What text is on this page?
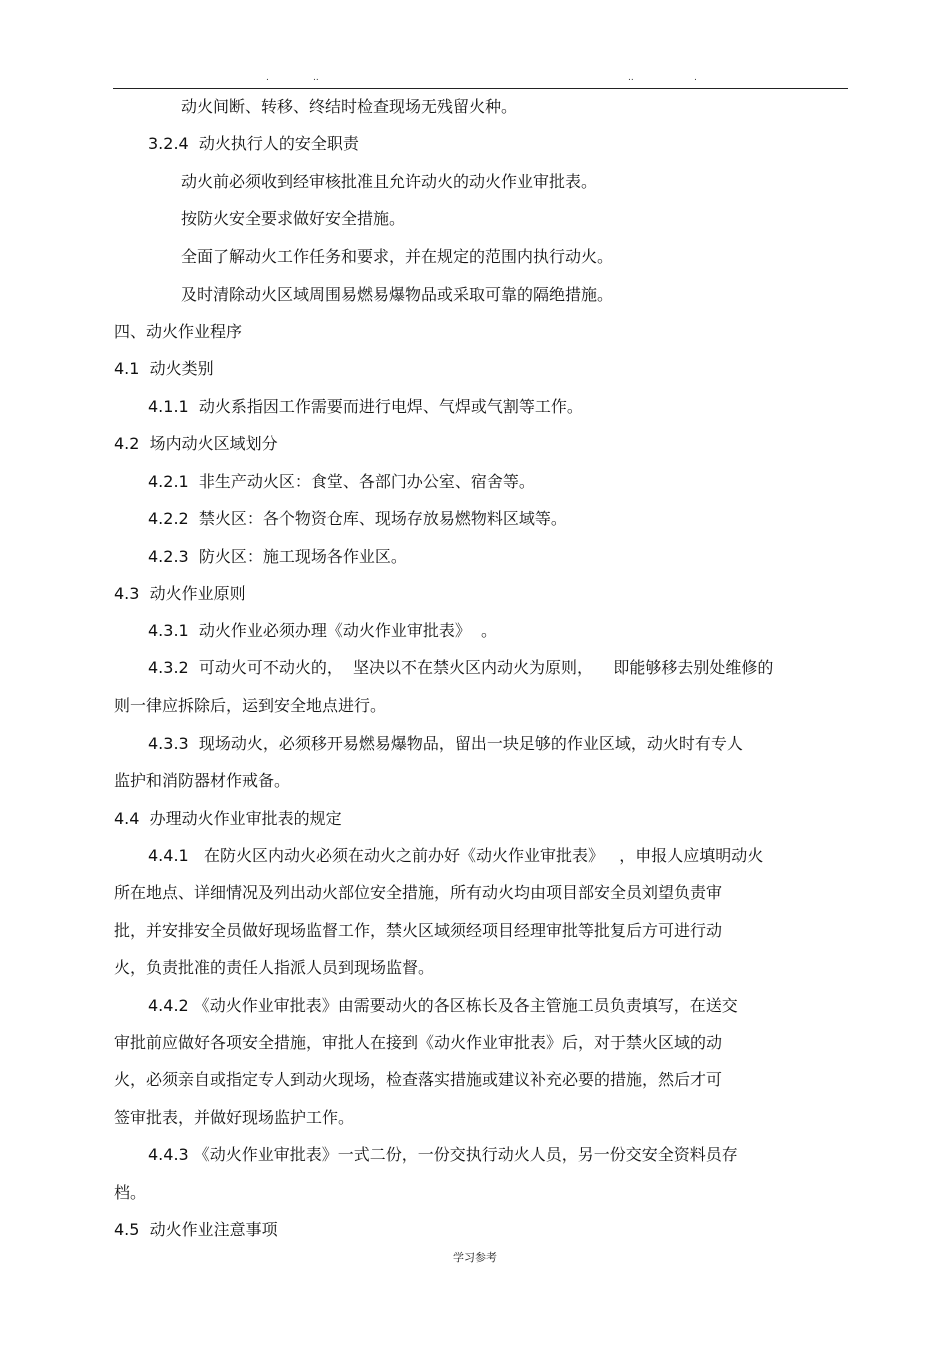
.	..	..	.
动火间断、转移、终结时检查现场无残留火种。
3.2.4  动火执行人的安全职责
动火前必须收到经审核批准且允许动火的动火作业审批表。
按防火安全要求做好安全措施。
全面了解动火工作任务和要求，并在规定的范围内执行动火。
及时清除动火区域周围易燃易爆物品或采取可靠的隔绝措施。
四、动火作业程序
4.1  动火类别
4.1.1  动火系指因工作需要而进行电焊、气焊或气割等工作。
4.2  场内动火区域划分
4.2.1  非生产动火区：食堂、各部门办公室、宿舍等。
4.2.2  禁火区：各个物资仓库、现场存放易燃物料区域等。
4.2.3  防火区：施工现场各作业区。
4.3  动火作业原则
4.3.1  动火作业必须办理《动火作业审批表》  。
4.3.2  可动火可不动火的，  坚决以不在禁火区内动火为原则，    即能够移去别处维修的
则一律应拆除后，运到安全地点进行。
4.3.3  现场动火，必须移开易燃易爆物品，留出一块足够的作业区域，动火时有专人
监护和消防器材作戒备。
4.4  办理动火作业审批表的规定
4.4.1   在防火区内动火必须在动火之前办好《动火作业审批表》   ，申报人应填明动火
所在地点、详细情况及列出动火部位安全措施，所有动火均由项目部安全员刘望负责审
批，并安排安全员做好现场监督工作，禁火区域须经项目经理审批等批复后方可进行动
火，负责批准的责任人指派人员到现场监督。
4.4.2 《动火作业审批表》由需要动火的各区栋长及各主管施工员负责填写，在送交
审批前应做好各项安全措施，审批人在接到《动火作业审批表》后，对于禁火区域的动
火，必须亲自或指定专人到动火现场，检查落实措施或建议补充必要的措施，然后才可
签审批表，并做好现场监护工作。
4.4.3 《动火作业审批表》一式二份，一份交执行动火人员，另一份交安全资料员存
档。
4.5  动火作业注意事项
学习参考
